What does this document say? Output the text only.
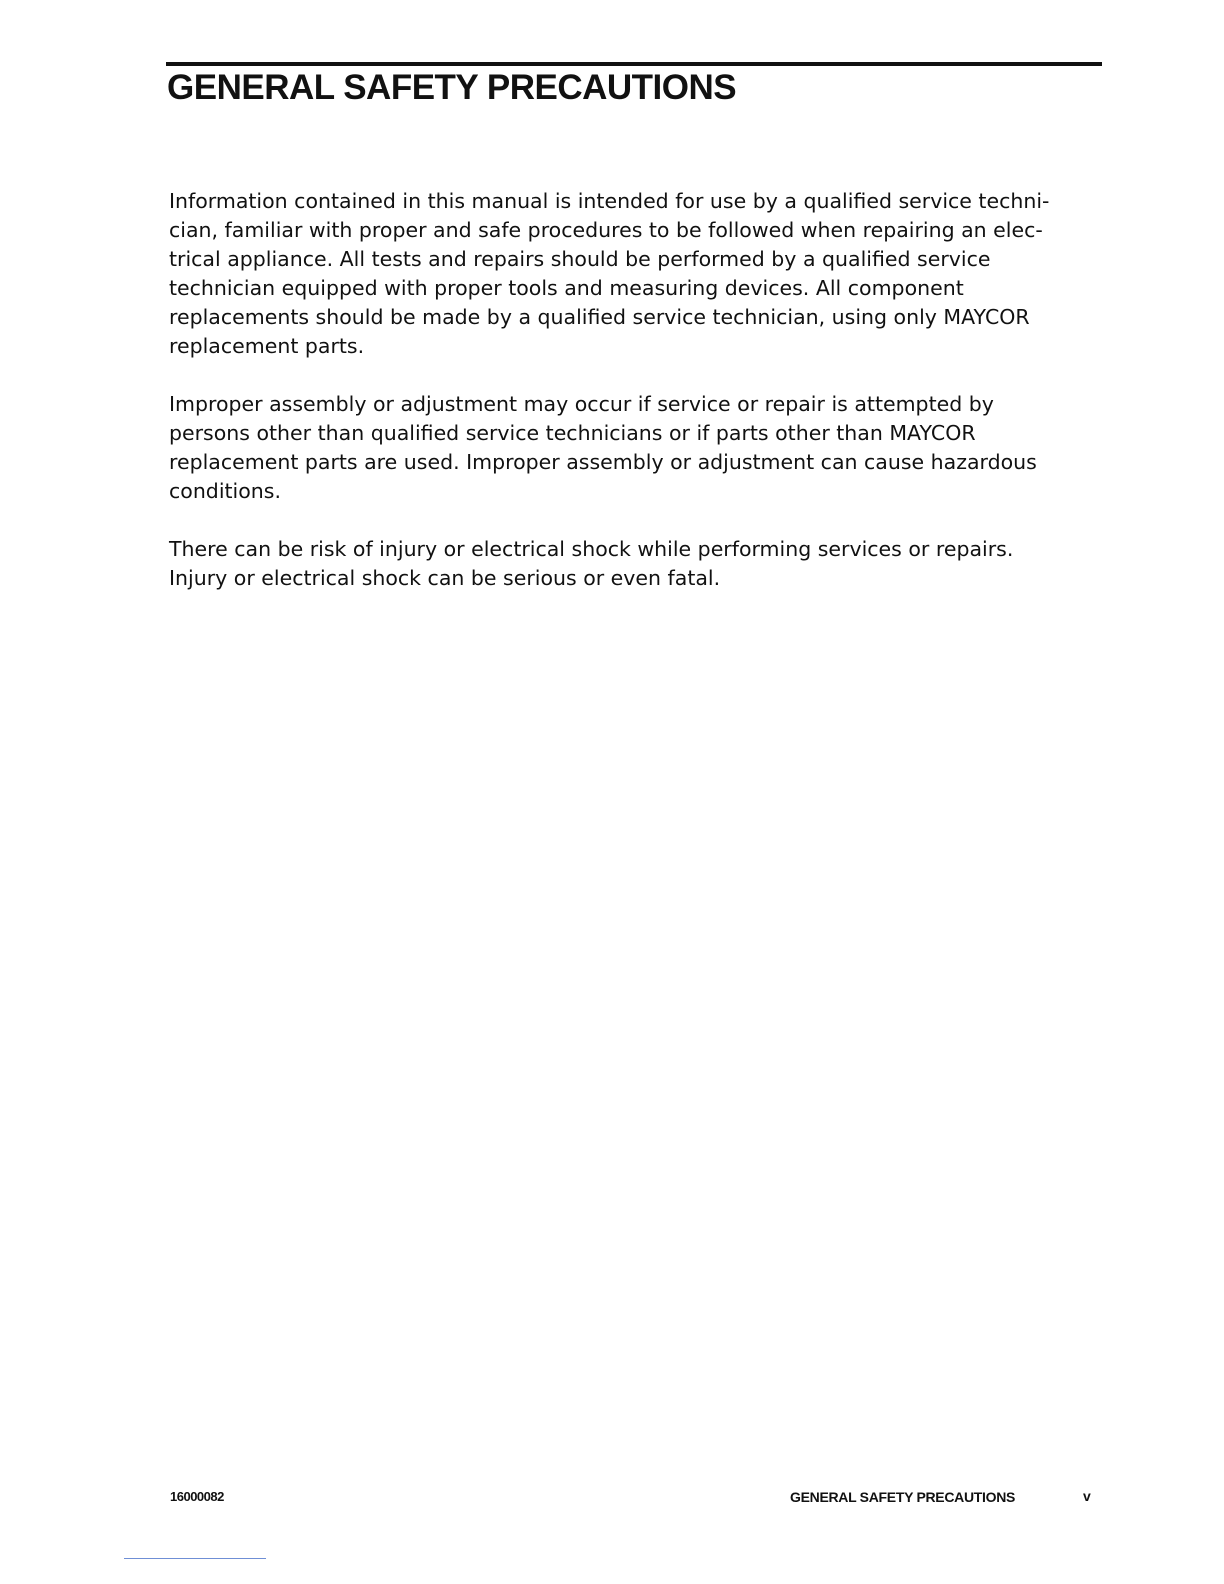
GENERAL SAFETY PRECAUTIONS

Information contained in this manual is intended for use by a qualified service techni-
cian, familiar with proper and safe procedures to be followed when repairing an elec-
trical appliance. All tests and repairs should be performed by a qualified service
technician equipped with proper tools and measuring devices. All component
replacements should be made by a qualified service technician, using only MAYCOR
replacement parts.

Improper assembly or adjustment may occur if service or repair is attempted by
persons other than qualified service technicians or if parts other than MAYCOR
replacement parts are used. Improper assembly or adjustment can cause hazardous
conditions.

There can be risk of injury or electrical shock while performing services or repairs.
Injury or electrical shock can be serious or even fatal.

16000082	GENERAL SAFETY PRECAUTIONS	v
